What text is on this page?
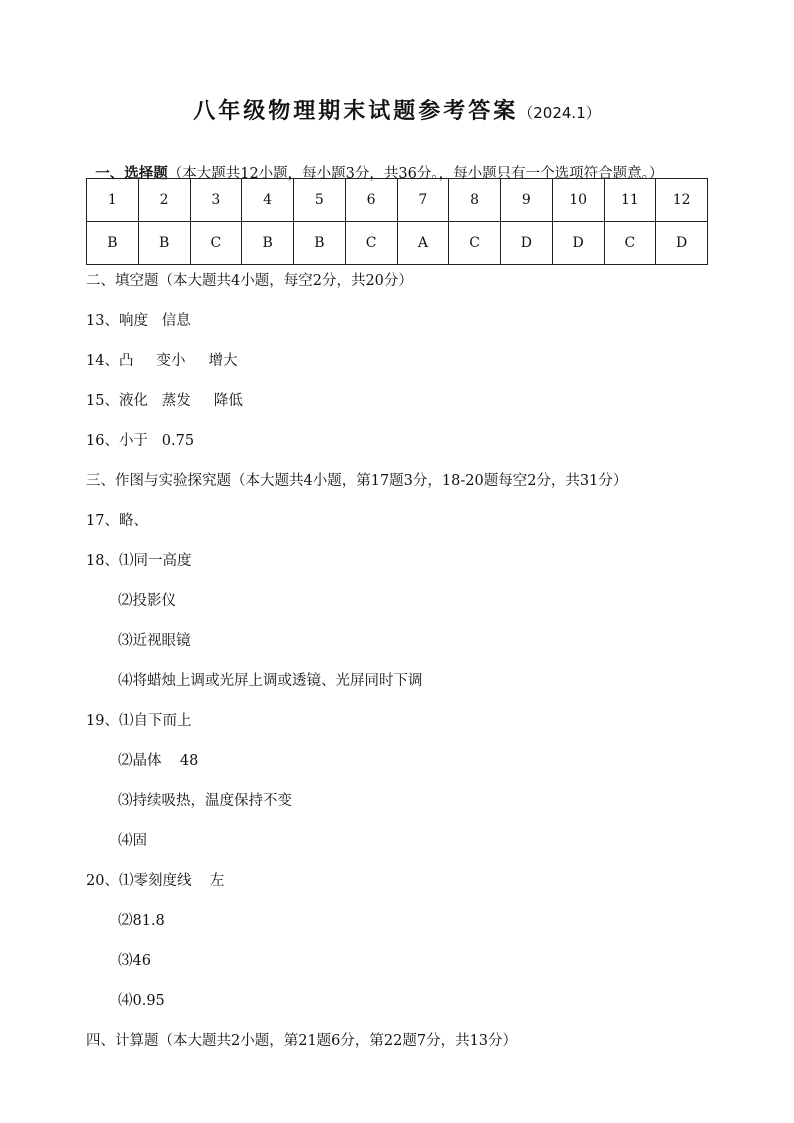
八年级物理期末试题参考答案（2024.1）

一、选择题（本大题共12小题，每小题3分，共36分。，每小题只有一个选项符合题意。）

1	2	3	4	5	6	7	8	9	10	11	12
B	B	C	B	B	C	A	C	D	D	C	D
二、填空题（本大题共4小题，每空2分，共20分）
13、响度   信息
14、凸     变小     增大
15、液化   蒸发     降低
16、小于   0.75
三、作图与实验探究题（本大题共4小题，第17题3分，18-20题每空2分，共31分）
17、略、
18、⑴同一高度
⑵投影仪
⑶近视眼镜
⑷将蜡烛上调或光屏上调或透镜、光屏同时下调
19、⑴自下而上
⑵晶体    48
⑶持续吸热，温度保持不变
⑷固
20、⑴零刻度线    左
⑵81.8
⑶46
⑷0.95
四、计算题（本大题共2小题，第21题6分，第22题7分，共13分）
